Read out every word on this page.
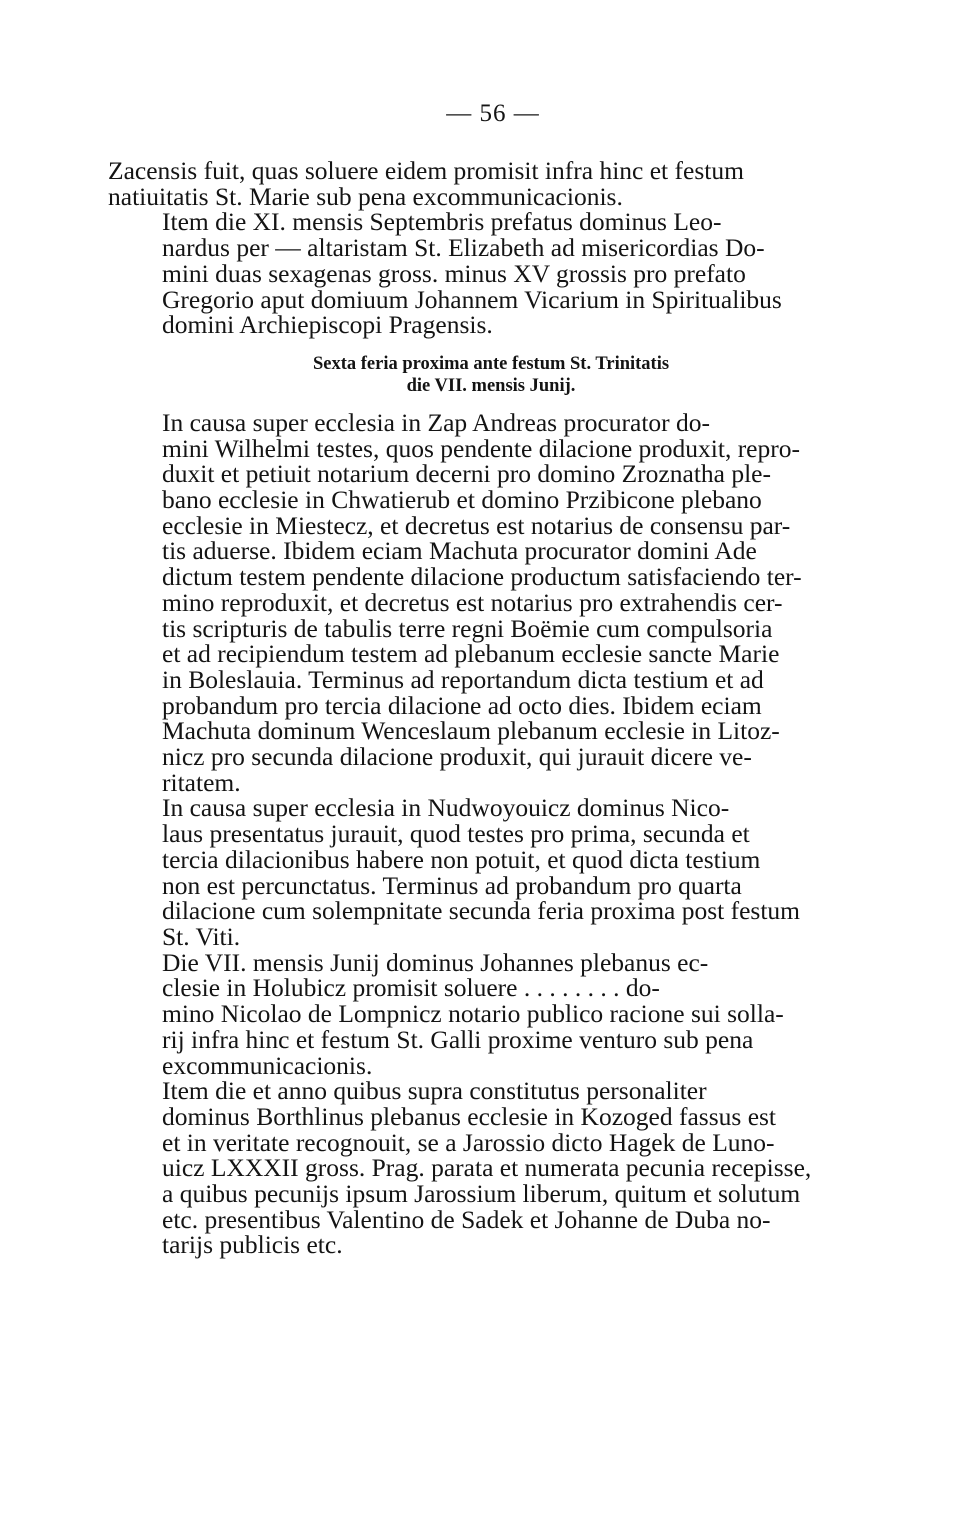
— 56 —

Zacensis fuit, quas soluere eidem promisit infra hinc et festum
natiuitatis St. Marie sub pena excommunicacionis.

Item die XI. mensis Septembris prefatus dominus Leo-
nardus per — altaristam St. Elizabeth ad misericordias Do-
mini duas sexagenas gross. minus XV grossis pro prefato
Gregorio aput domiuum Johannem Vicarium in Spiritualibus
domini Archiepiscopi Pragensis.

Sexta feria proxima ante festum St. Trinitatis
die VII. mensis Junij.

In causa super ecclesia in Zap Andreas procurator do-
mini Wilhelmi testes, quos pendente dilacione produxit, repro-
duxit et petiuit notarium decerni pro domino Zroznatha ple-
bano ecclesie in Chwatierub et domino Przibicone plebano
ecclesie in Miestecz, et decretus est notarius de consensu par-
tis aduerse. Ibidem eciam Machuta procurator domini Ade
dictum testem pendente dilacione productum satisfaciendo ter-
mino reproduxit, et decretus est notarius pro extrahendis cer-
tis scripturis de tabulis terre regni Boëmie cum compulsoria
et ad recipiendum testem ad plebanum ecclesie sancte Marie
in Boleslauia. Terminus ad reportandum dicta testium et ad
probandum pro tercia dilacione ad octo dies. Ibidem eciam
Machuta dominum Wenceslaum plebanum ecclesie in Litoz-
nicz pro secunda dilacione produxit, qui jurauit dicere ve-
ritatem.

In causa super ecclesia in Nudwoyouicz dominus Nico-
laus presentatus jurauit, quod testes pro prima, secunda et
tercia dilacionibus habere non potuit, et quod dicta testium
non est percunctatus. Terminus ad probandum pro quarta
dilacione cum solempnitate secunda feria proxima post festum
St. Viti.

Die VII. mensis Junij dominus Johannes plebanus ec-
clesie in Holubicz promisit soluere . . . . . . . . do-
mino Nicolao de Lompnicz notario publico racione sui solla-
rij infra hinc et festum St. Galli proxime venturo sub pena
excommunicacionis.

Item die et anno quibus supra constitutus personaliter
dominus Borthlinus plebanus ecclesie in Kozoged fassus est
et in veritate recognouit, se a Jarossio dicto Hagek de Luno-
uicz LXXXII gross. Prag. parata et numerata pecunia recepisse,
a quibus pecunijs ipsum Jarossium liberum, quitum et solutum
etc. presentibus Valentino de Sadek et Johanne de Duba no-
tarijs publicis etc.
